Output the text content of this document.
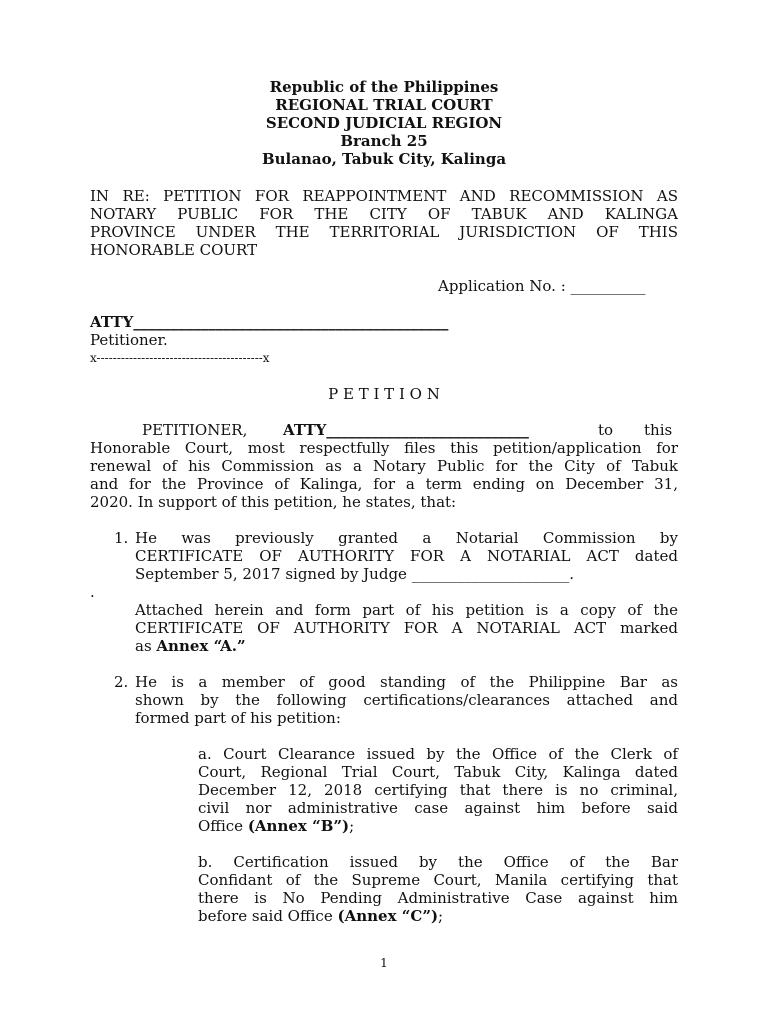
Republic of the Philippines
REGIONAL TRIAL COURT
SECOND JUDICIAL REGION
Branch 25
Bulanao, Tabuk City, Kalinga
IN RE: PETITION FOR REAPPOINTMENT AND RECOMMISSION AS
NOTARY PUBLIC FOR THE CITY OF TABUK AND KALINGA
PROVINCE UNDER THE TERRITORIAL JURISDICTION OF THIS
HONORABLE COURT
Application No. : __________
ATTY__________________________________________
Petitioner.
x-----------------------------------------x
P E T I T I O N
PETITIONER, ATTY___________________________	to this
Honorable Court, most respectfully files this petition/application for
renewal of his Commission as a Notary Public for the City of Tabuk
and for the Province of Kalinga, for a term ending on December 31,
2020. In support of this petition, he states, that:
1. He was previously granted a Notarial Commission by
CERTIFICATE OF AUTHORITY FOR A NOTARIAL ACT dated
September 5, 2017 signed by Judge _____________________.
.
Attached herein and form part of his petition is a copy of the
CERTIFICATE OF AUTHORITY FOR A NOTARIAL ACT marked
as Annex “A.”
2. He is a member of good standing of the Philippine Bar as
shown by the following certifications/clearances attached and
formed part of his petition:
a. Court Clearance issued by the Office of the Clerk of
Court, Regional Trial Court, Tabuk City, Kalinga dated
December 12, 2018 certifying that there is no criminal,
civil nor administrative case against him before said
Office (Annex “B”);
b. Certification issued by the Office of the Bar
Confidant of the Supreme Court, Manila certifying that
there is No Pending Administrative Case against him
before said Office (Annex “C”);
1
